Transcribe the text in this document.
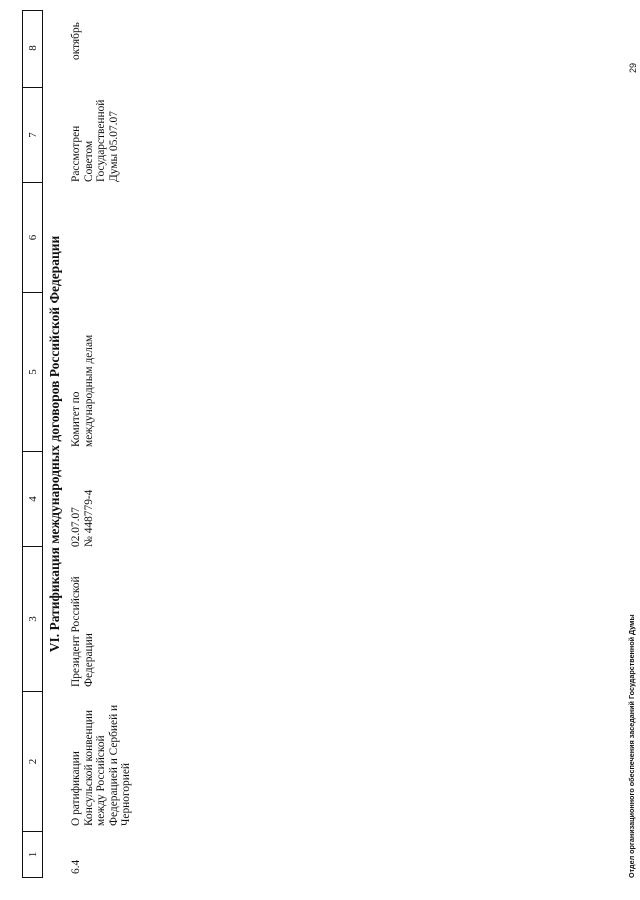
1
2
3
4
5
6
7
8
VI. Ратификация международных договоров Российской Федерации
6.4
О ратификации
Консульской конвенции
между Российской
Федерацией и Сербией и
Черногорией
Президент Российской
Федерации
02.07.07
№ 448779-4
Комитет по
международным делам
Рассмотрен
Советом
Государственной
Думы 05.07.07
октябрь
Отдел организационного обеспечения заседаний Государственной Думы
29
